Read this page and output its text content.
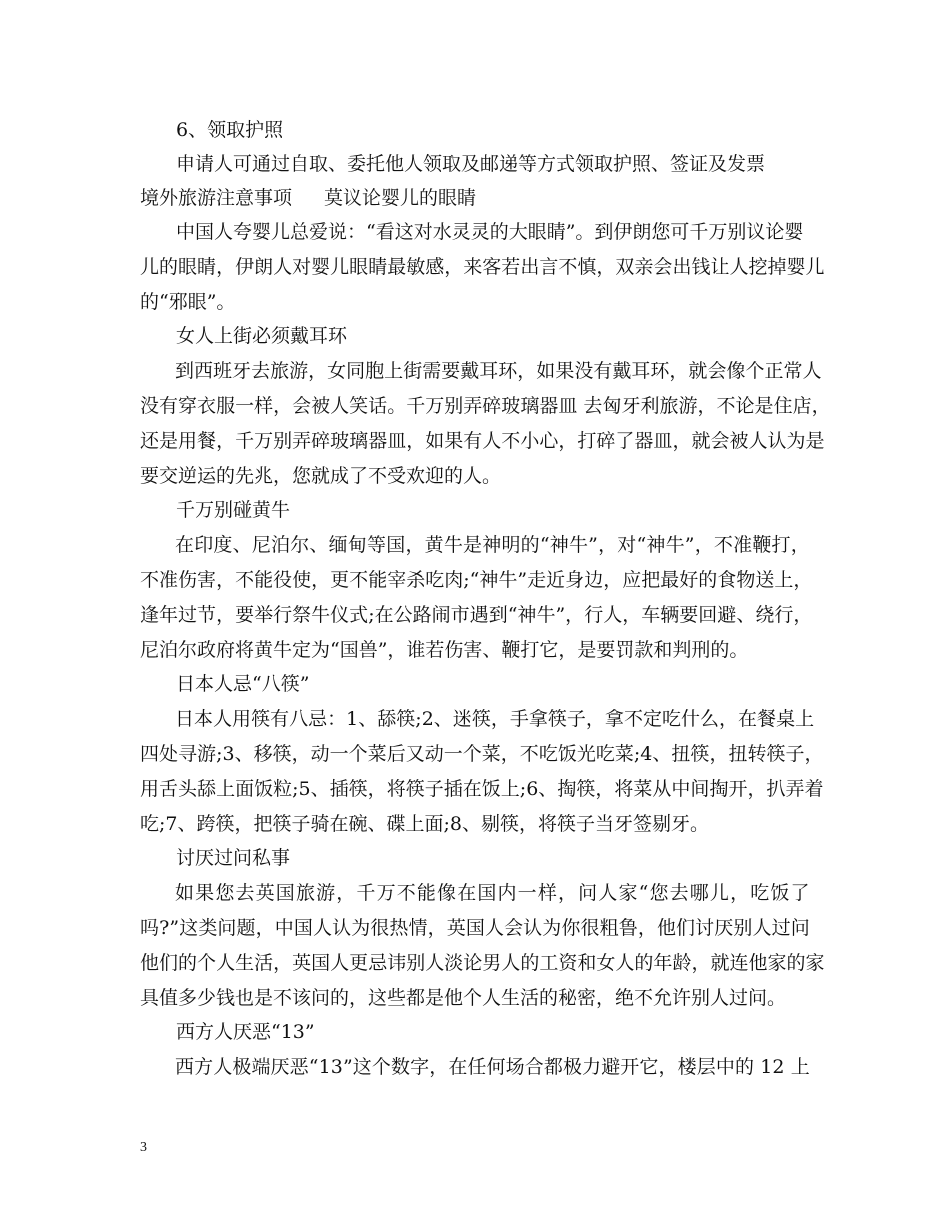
6、领取护照
申请人可通过自取、委托他人领取及邮递等方式领取护照、签证及发票
境外旅游注意事项 莫议论婴儿的眼睛
中国人夸婴儿总爱说：“看这对水灵灵的大眼睛”。到伊朗您可千万别议论婴
儿 的 眼 睛 ， 伊 朗 人 对 婴 儿 眼 睛 最 敏 感 ， 来 客 若 出 言 不 慎 ， 双 亲 会 出 钱 让 人 挖 掉 婴 儿
的“邪眼”。
女人上街必须戴耳环
到 西 班 牙 去 旅 游 ， 女 同 胞 上 街 需 要 戴 耳 环 ， 如 果 没 有 戴 耳 环 ， 就 会 像 个 正 常 人
没 有 穿 衣 服 一 样 ， 会 被 人 笑 话 。 千 万 别 弄 碎 玻 璃 器 皿
去 匈 牙 利 旅 游 ， 不 论 是 住 店 ，
还 是 用 餐 ， 千 万 别 弄 碎 玻 璃 器 皿 ， 如 果 有 人 不 小 心 ， 打 碎 了 器 皿 ， 就 会 被 人 认 为 是
要交逆运的先兆，您就成了不受欢迎的人。
千万别碰黄牛
在 印 度 、 尼 泊 尔 、 缅 甸 等 国 ， 黄 牛 是 神 明 的 “ 神 牛 ” ， 对 “ 神 牛 ” ， 不 准 鞭 打 ，
不 准 伤 害 ， 不 能 役 使 ， 更 不 能 宰 杀 吃 肉 ; “ 神 牛 ” 走 近 身 边 ， 应 把 最 好 的 食 物 送 上 ，
逢 年 过 节 ， 要 举 行 祭 牛 仪 式 ; 在 公 路 闹 市 遇 到 “ 神 牛 ” ， 行 人 ， 车 辆 要 回 避 、 绕 行 ，
尼泊尔政府将黄牛定为“国兽”，谁若伤害、鞭打它，是要罚款和判刑的。
日本人忌“八筷”
日 本 人 用 筷 有 八 忌 ： 1 、 舔 筷 ; 2 、 迷 筷 ， 手 拿 筷 子 ， 拿 不 定 吃 什 么 ， 在 餐 桌 上
四 处 寻 游 ; 3 、 移 筷 ， 动 一 个 菜 后 又 动 一 个 菜 ， 不 吃 饭 光 吃 菜 ; 4 、 扭 筷 ， 扭 转 筷 子 ，
用 舌 头 舔 上 面 饭 粒 ; 5 、 插 筷 ， 将 筷 子 插 在 饭 上 ; 6 、 掏 筷 ， 将 菜 从 中 间 掏 开 ， 扒 弄 着
吃;7、跨筷，把筷子骑在碗、碟上面;8、剔筷，将筷子当牙签剔牙。
讨厌过问私事
如 果 您 去 英 国 旅 游 ， 千 万 不 能 像 在 国 内 一 样 ， 问 人 家 “ 您 去 哪 儿 ， 吃 饭 了
吗 ? ” 这 类 问 题 ， 中 国 人 认 为 很 热 情 ， 英 国 人 会 认 为 你 很 粗 鲁 ， 他 们 讨 厌 别 人 过 问
他 们 的 个 人 生 活 ， 英 国 人 更 忌 讳 别 人 淡 论 男 人 的 工 资 和 女 人 的 年 龄 ， 就 连 他 家 的 家
具值多少钱也是不该问的，这些都是他个人生活的秘密，绝不允许别人过问。
西方人厌恶“13”
西 方 人 极 端 厌 恶 “ 1 3 ” 这 个 数 字 ， 在 任 何 场 合 都 极 力 避 开 它 ， 楼 层 中 的
1 2
上
3
